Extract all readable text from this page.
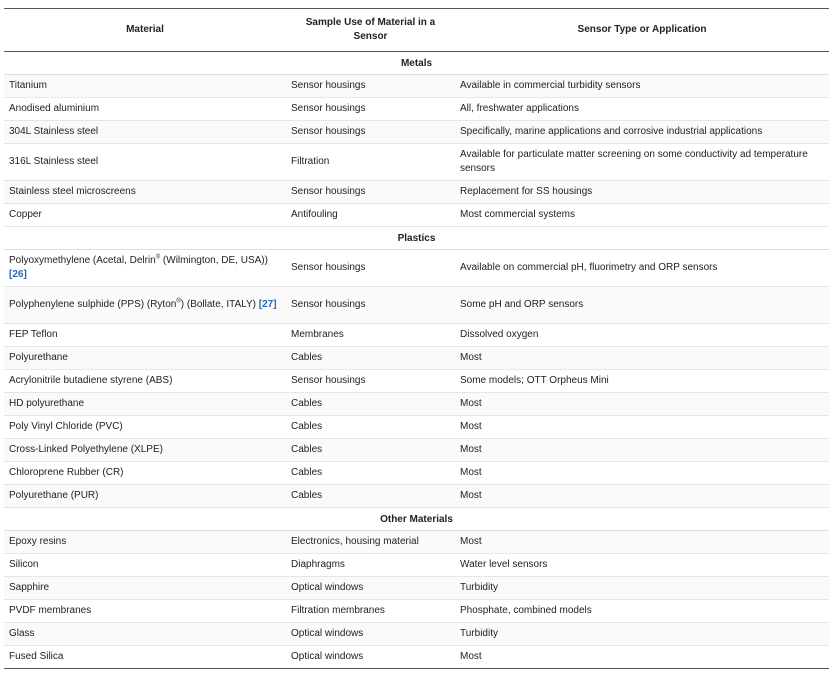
Material	Sample Use of Material in a Sensor	Sensor Type or Application
Metals		
Titanium	Sensor housings	Available in commercial turbidity sensors
Anodised aluminium	Sensor housings	All, freshwater applications
304L Stainless steel	Sensor housings	Specifically, marine applications and corrosive industrial applications
316L Stainless steel	Filtration	Available for particulate matter screening on some conductivity ad temperature sensors
Stainless steel microscreens	Sensor housings	Replacement for SS housings
Copper	Antifouling	Most commercial systems
Plastics		
Polyoxymethylene (Acetal, Delrin® (Wilmington, DE, USA)) [26]	Sensor housings	Available on commercial pH, fluorimetry and ORP sensors
Polyphenylene sulphide (PPS) (Ryton®) (Bollate, ITALY) [27]	Sensor housings	Some pH and ORP sensors
FEP Teflon	Membranes	Dissolved oxygen
Polyurethane	Cables	Most
Acrylonitrile butadiene styrene (ABS)	Sensor housings	Some models; OTT Orpheus Mini
HD polyurethane	Cables	Most
Poly Vinyl Chloride (PVC)	Cables	Most
Cross-Linked Polyethylene (XLPE)	Cables	Most
Chloroprene Rubber (CR)	Cables	Most
Polyurethane (PUR)	Cables	Most
Other Materials		
Epoxy resins	Electronics, housing material	Most
Silicon	Diaphragms	Water level sensors
Sapphire	Optical windows	Turbidity
PVDF membranes	Filtration membranes	Phosphate, combined models
Glass	Optical windows	Turbidity
Fused Silica	Optical windows	Most
